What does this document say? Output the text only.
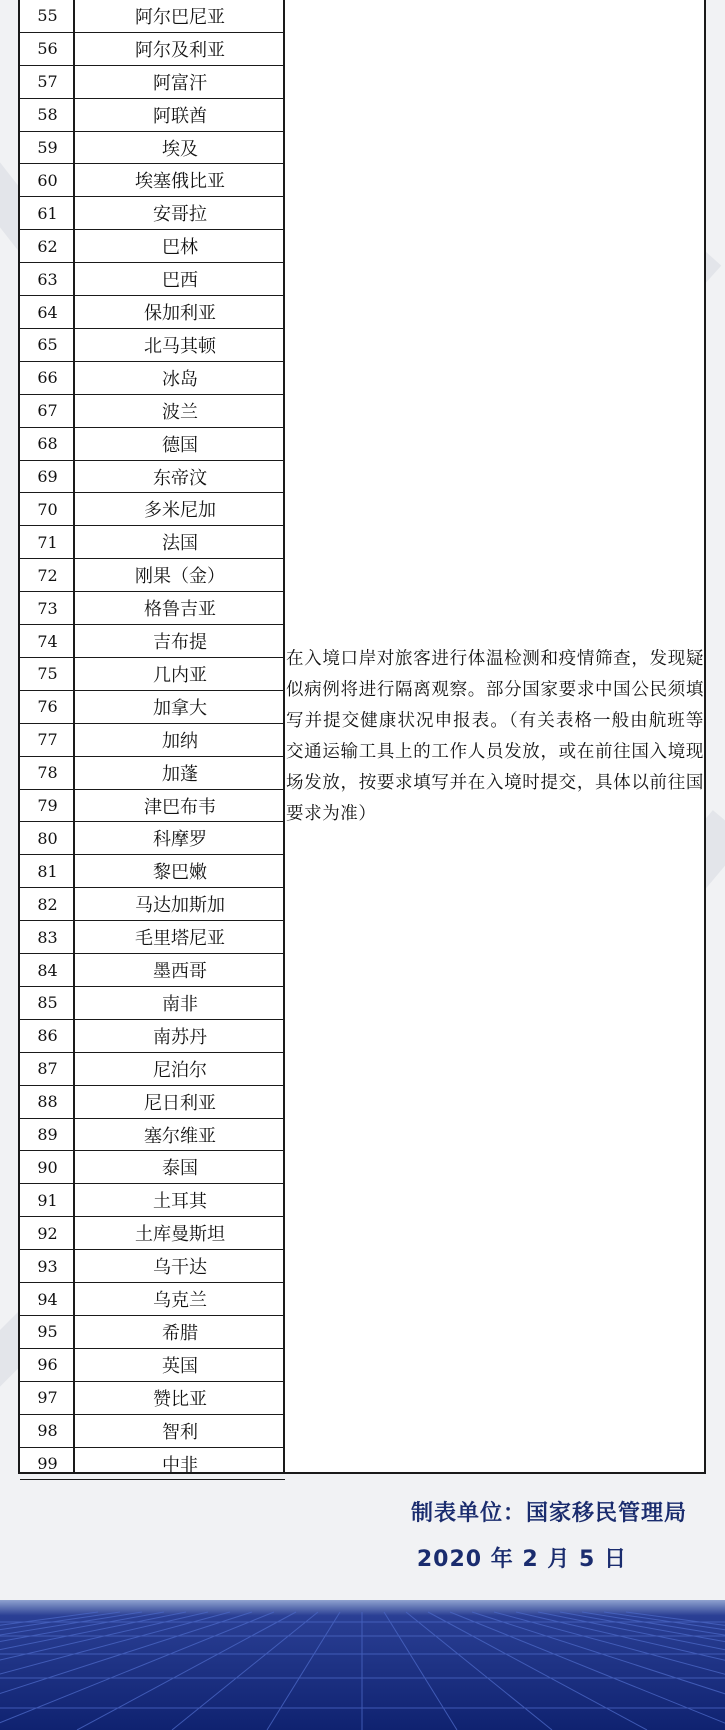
55	阿尔巴尼亚
56	阿尔及利亚
57	阿富汗
58	阿联酋
59	埃及
60	埃塞俄比亚
61	安哥拉
62	巴林
63	巴西
64	保加利亚
65	北马其顿
66	冰岛
67	波兰
68	德国
69	东帝汶
70	多米尼加
71	法国
72	刚果（金）
73	格鲁吉亚
74	吉布提
75	几内亚
76	加拿大
77	加纳
78	加蓬
79	津巴布韦
80	科摩罗
81	黎巴嫩
82	马达加斯加
83	毛里塔尼亚
84	墨西哥
85	南非
86	南苏丹
87	尼泊尔
88	尼日利亚
89	塞尔维亚
90	泰国
91	土耳其
92	土库曼斯坦
93	乌干达
94	乌克兰
95	希腊
96	英国
97	赞比亚
98	智利
99	中非
在入境口岸对旅客进行体温检测和疫情筛查，发现疑似病例将进行隔离观察。部分国家要求中国公民须填写并提交健康状况申报表。（有关表格一般由航班等交通运输工具上的工作人员发放，或在前往国入境现场发放，按要求填写并在入境时提交，具体以前往国要求为准）
制表单位：国家移民管理局
2020 年 2 月 5 日
